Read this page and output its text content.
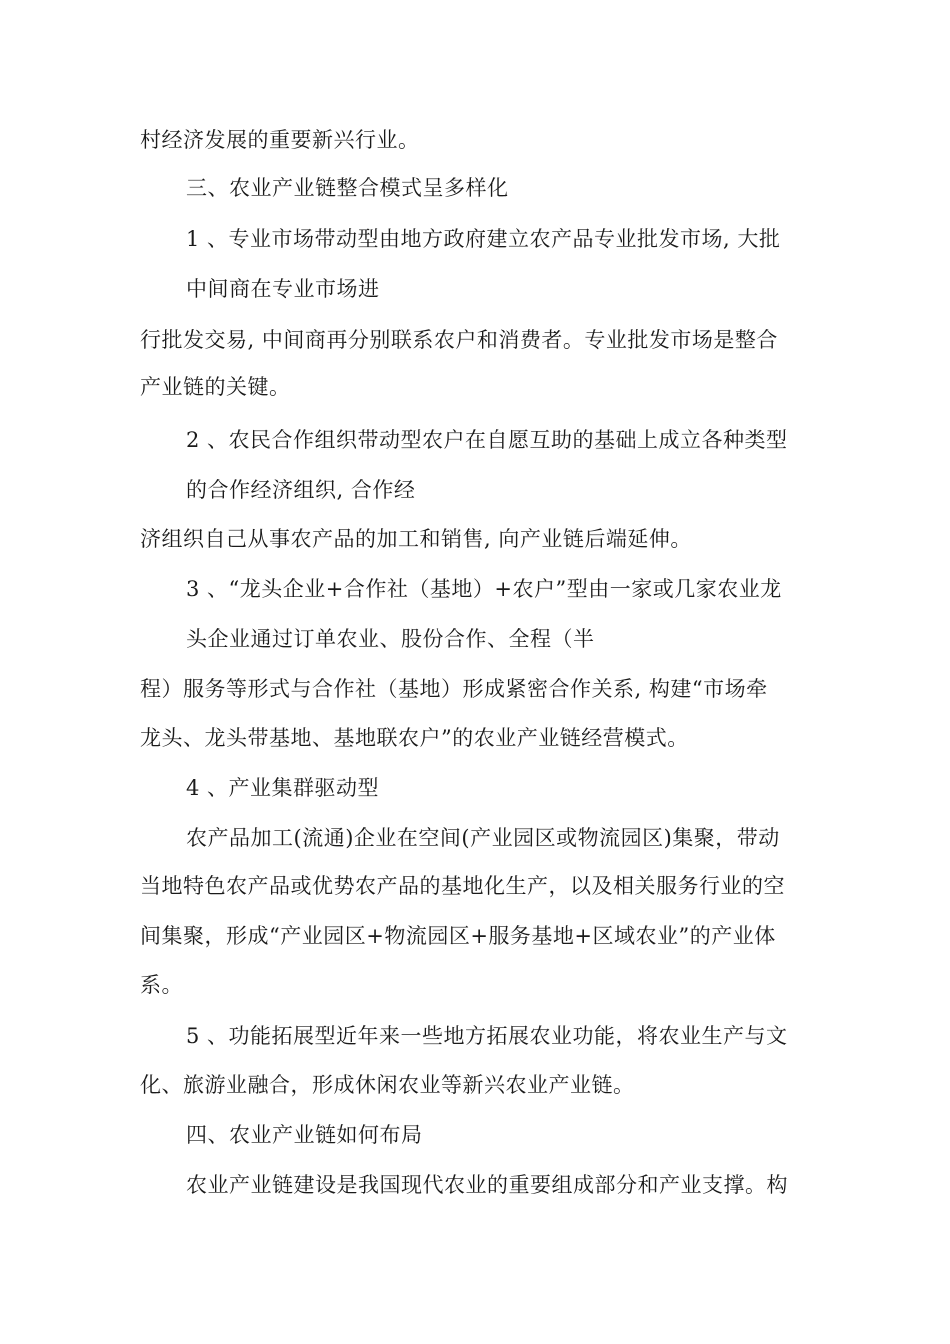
村经济发展的重要新兴行业。
三、农业产业链整合模式呈多样化
1 、专业市场带动型由地方政府建立农产品专业批发市场, 大批
中间商在专业市场进
行批发交易, 中间商再分别联系农户和消费者。专业批发市场是整合
产业链的关键。
2 、农民合作组织带动型农户在自愿互助的基础上成立各种类型
的合作经济组织, 合作经
济组织自己从事农产品的加工和销售, 向产业链后端延伸。
3 、“龙头企业+合作社（基地）+农户”型由一家或几家农业龙
头企业通过订单农业、股份合作、全程（半
程）服务等形式与合作社（基地）形成紧密合作关系, 构建“市场牵
龙头、龙头带基地、基地联农户”的农业产业链经营模式。
4 、产业集群驱动型
农产品加工(流通)企业在空间(产业园区或物流园区)集聚，带动
当地特色农产品或优势农产品的基地化生产，以及相关服务行业的空
间集聚，形成“产业园区+物流园区+服务基地+区域农业”的产业体
系。
5 、功能拓展型近年来一些地方拓展农业功能，将农业生产与文
化、旅游业融合，形成休闲农业等新兴农业产业链。
四、农业产业链如何布局
农业产业链建设是我国现代农业的重要组成部分和产业支撑。构
